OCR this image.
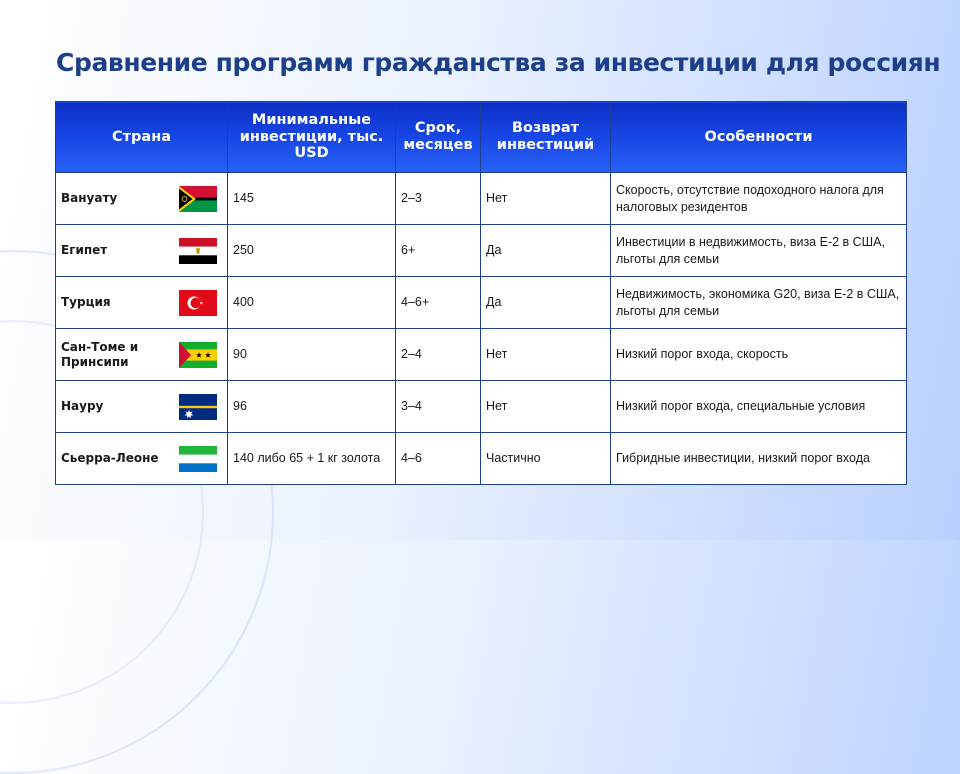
Сравнение программ гражданства за инвестиции для россиян
Страна	Минимальные инвестиции, тыс. USD	Срок, месяцев	Возврат инвестиций	Особенности

Вануату	145	2–3	Нет	Скорость, отсутствие подоходного налога для налоговых резидентов

Египет	250	6+	Да	Инвестиции в недвижимость, виза E-2 в США, льготы для семьи

Турция	400	4–6+	Да	Недвижимость, экономика G20, виза E-2 в США, льготы для семьи

Сан-Томе и Принсипи	90	2–4	Нет	Низкий порог входа, скорость

Науру	96	3–4	Нет	Низкий порог входа, специальные условия

Сьерра-Леоне	140 либо 65 + 1 кг золота	4–6	Частично	Гибридные инвестиции, низкий порог входа
